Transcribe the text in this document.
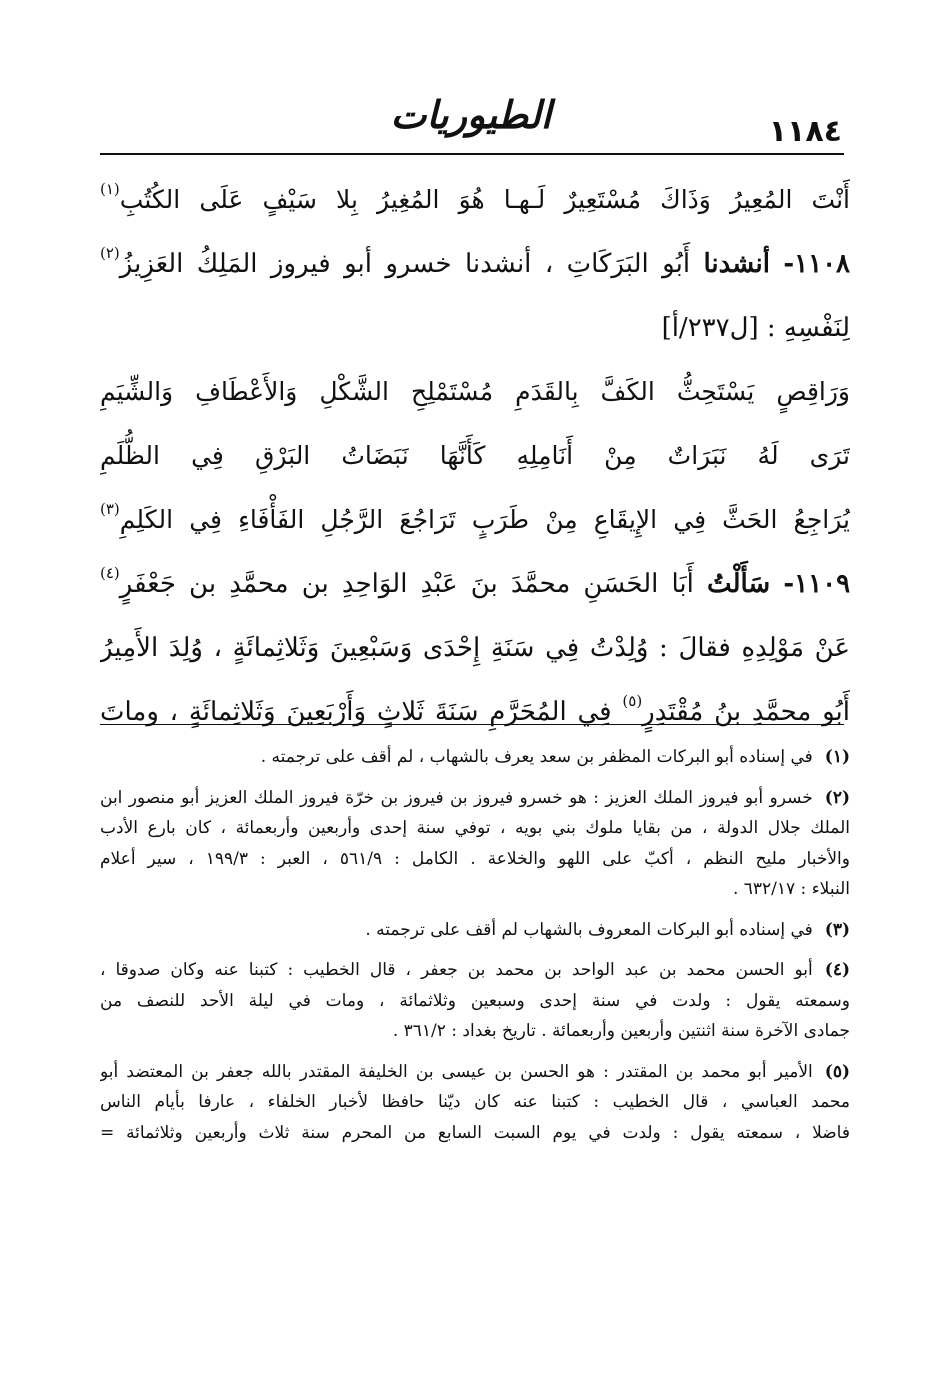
الطيوريات	١١٨٤
أَنْتَ المُعِيرُ وَذَاكَ مُسْتَعِيرٌ لَـهـا هُوَ المُغِيرُ بِلا سَيْفٍ عَلَى الكُتُبِ$^{(١)}$
١١٠٨- أنشدنا أَبُو البَرَكَاتِ ، أنشدنا خسرو أبو فيروز المَلِكُ العَزِيزُ$^{(٢)}$
لِنَفْسِهِ : [ل٢٣٧/أ]
وَرَاقِصٍ يَسْتَحِثُّ الكَفَّ بِالقَدَمِ مُسْتَمْلِحِ الشَّكْلِ وَالأَعْطَافِ وَالشِّيَمِ
تَرَى لَهُ نَبَرَاتٌ مِنْ أَنَامِلِهِ كَأَنَّهَا نَبَضَاتُ البَرْقِ فِي الظُّلَمِ
يُرَاجِعُ الحَثَّ فِي الإِيقَاعِ مِنْ طَرَبٍ تَرَاجُعَ الرَّجُلِ الفَأْفَاءِ فِي الكَلِمِ$^{(٣)}$
١١٠٩- سَأَلْتُ أَبَا الحَسَنِ محمَّدَ بنَ عَبْدِ الوَاحِدِ بن محمَّدِ بن جَعْفَرٍ$^{(٤)}$
عَنْ مَوْلِدِهِ فقالَ : وُلِدْتُ فِي سَنَةِ إِحْدَى وَسَبْعِينَ وَثَلاثِمائَةٍ ، وُلِدَ الأَمِيرُ
أَبُو محمَّدِ بنُ مُقْتَدِرٍ$^{(٥)}$ فِي المُحَرَّمِ سَنَةَ ثَلاثٍ وَأَرْبَعِينَ وَثَلاثِمائَةٍ ، وماتَ
(١)في إسناده أبو البركات المظفر بن سعد يعرف بالشهاب ، لم أقف على ترجمته .
(٢)خسرو أبو فيروز الملك العزيز : هو خسرو فيروز بن فيروز بن خرّة فيروز الملك العزيز أبو منصور ابن
الملك جلال الدولة ، من بقايا ملوك بني بويه ، توفي سنة إحدى وأربعين وأربعمائة ، كان بارع الأدب
والأخبار مليح النظم ، أكبّ على اللهو والخلاعة . الكامل : ٥٦١/٩ ، العبر : ١٩٩/٣ ، سير أعلام
النبلاء : ٦٣٢/١٧ .
(٣)في إسناده أبو البركات المعروف بالشهاب لم أقف على ترجمته .
(٤)أبو الحسن محمد بن عبد الواحد بن محمد بن جعفر ، قال الخطيب : كتبنا عنه وكان صدوقا ،
وسمعته يقول : ولدت في سنة إحدى وسبعين وثلاثمائة ، ومات في ليلة الأحد للنصف من
جمادى الآخرة سنة اثنتين وأربعين وأربعمائة . تاريخ بغداد : ٣٦١/٢ .
(٥)الأمير أبو محمد بن المقتدر : هو الحسن بن عيسى بن الخليفة المقتدر بالله جعفر بن المعتضد أبو
محمد العباسي ، قال الخطيب : كتبنا عنه كان ديّنا حافظا لأخبار الخلفاء ، عارفا بأيام الناس
فاضلا ، سمعته يقول : ولدت في يوم السبت السابع من المحرم سنة ثلاث وأربعين وثلاثمائة =
